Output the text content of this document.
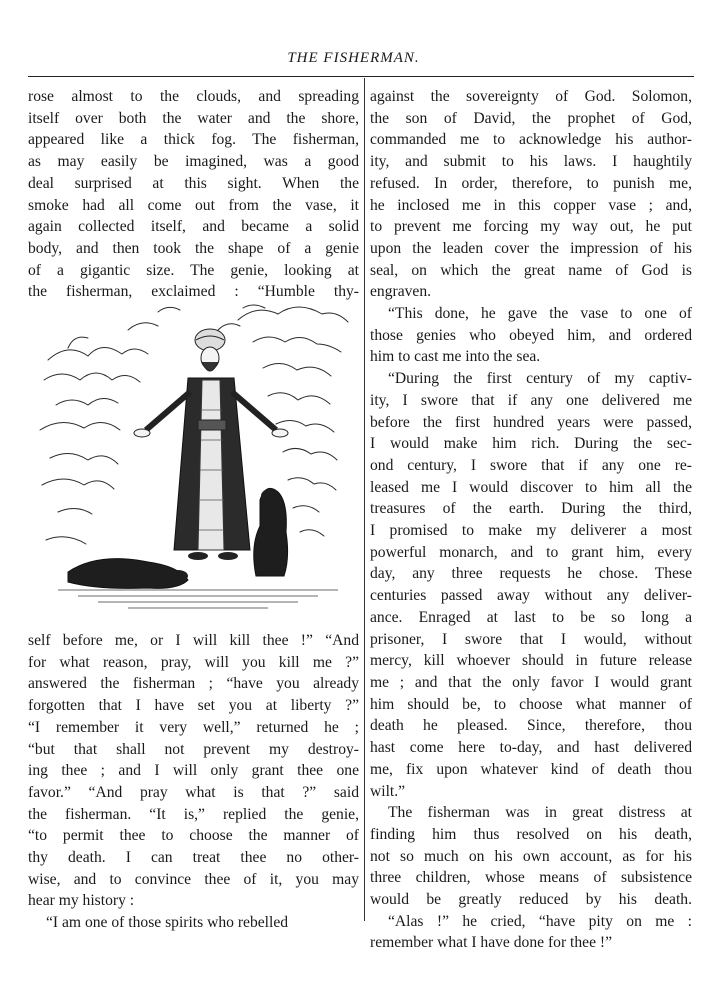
THE FISHERMAN.

rose almost to the clouds, and spreading

itself over both the water and the shore,

appeared like a thick fog. The fisherman,

as may easily be imagined, was a good

deal surprised at this sight. When the

smoke had all come out from the vase, it

again collected itself, and became a solid

body, and then took the shape of a genie

of a gigantic size. The genie, looking at

the fisherman, exclaimed : “Humble thy-

self before me, or I will kill thee !” “And

for what reason, pray, will you kill me ?”

answered the fisherman ; “have you already

forgotten that I have set you at liberty ?”

“I remember it very well,” returned he ;

“but that shall not prevent my destroy-

ing thee ; and I will only grant thee one

favor.” “And pray what is that ?” said

the fisherman. “It is,” replied the genie,

“to permit thee to choose the manner of

thy death. I can treat thee no other-

wise, and to convince thee of it, you may

hear my history :

“I am one of those spirits who rebelled

against the sovereignty of God. Solomon,

the son of David, the prophet of God,

commanded me to acknowledge his author-

ity, and submit to his laws. I haughtily

refused. In order, therefore, to punish me,

he inclosed me in this copper vase ; and,

to prevent me forcing my way out, he put

upon the leaden cover the impression of his

seal, on which the great name of God is

engraven.

“This done, he gave the vase to one of

those genies who obeyed him, and ordered

him to cast me into the sea.

“During the first century of my captiv-

ity, I swore that if any one delivered me

before the first hundred years were passed,

I would make him rich. During the sec-

ond century, I swore that if any one re-

leased me I would discover to him all the

treasures of the earth. During the third,

I promised to make my deliverer a most

powerful monarch, and to grant him, every

day, any three requests he chose. These

centuries passed away without any deliver-

ance. Enraged at last to be so long a

prisoner, I swore that I would, without

mercy, kill whoever should in future release

me ; and that the only favor I would grant

him should be, to choose what manner of

death he pleased. Since, therefore, thou

hast come here to-day, and hast delivered

me, fix upon whatever kind of death thou

wilt.”

The fisherman was in great distress at

finding him thus resolved on his death,

not so much on his own account, as for his

three children, whose means of subsistence

would be greatly reduced by his death.

“Alas !” he cried, “have pity on me :

remember what I have done for thee !”
